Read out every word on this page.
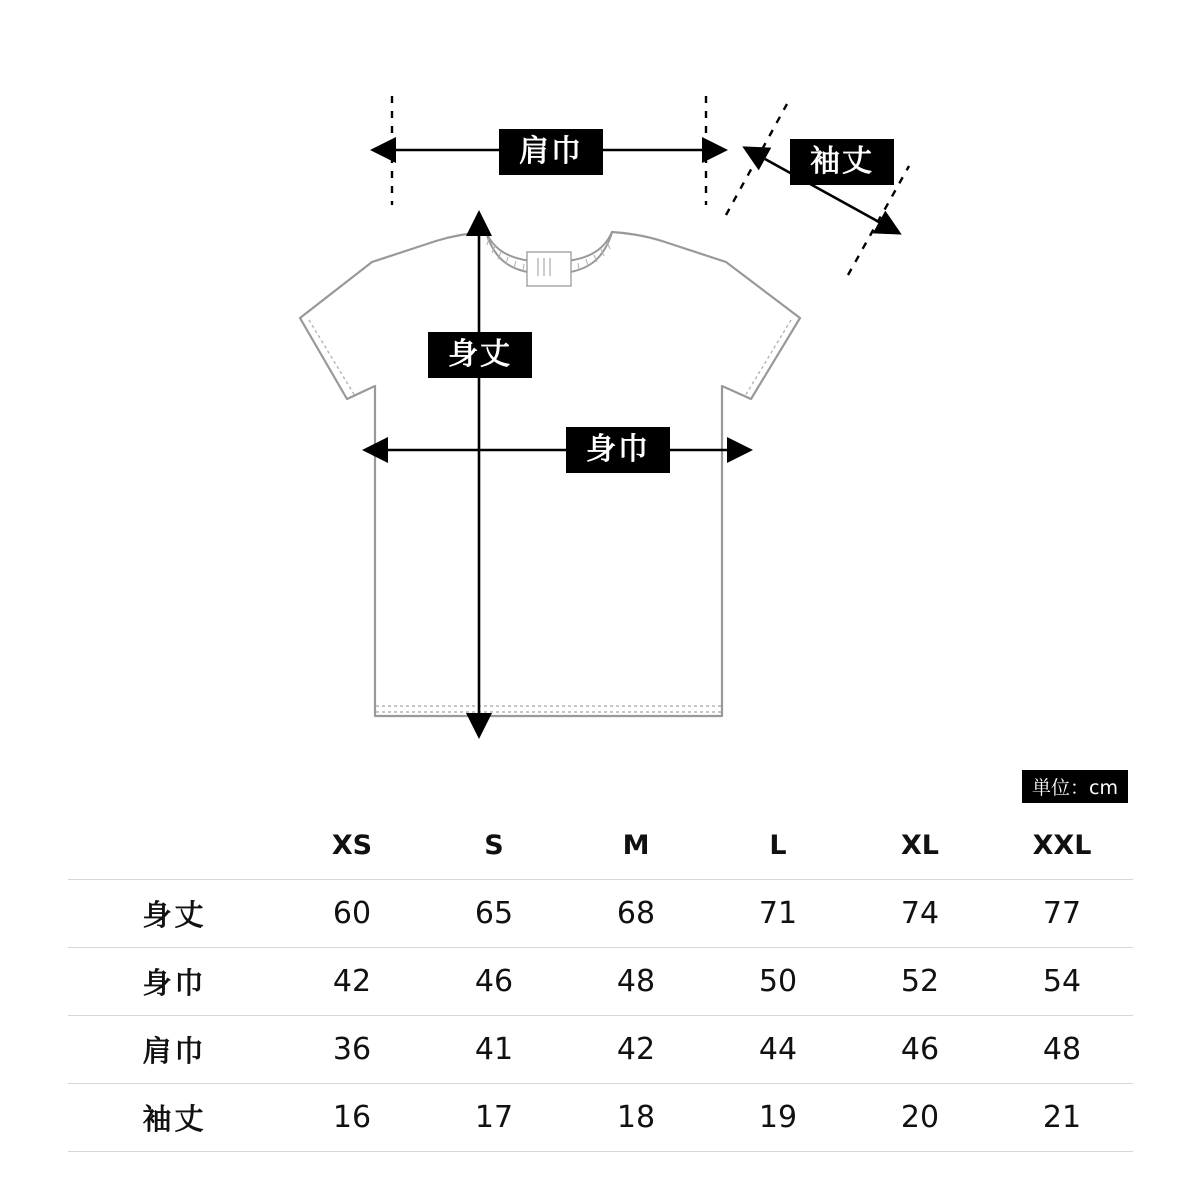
肩巾	袖丈
身丈
身巾
単位：cm
	XS	S	M	L	XL	XXL
身丈	60	65	68	71	74	77
身巾	42	46	48	50	52	54
肩巾	36	41	42	44	46	48
袖丈	16	17	18	19	20	21
